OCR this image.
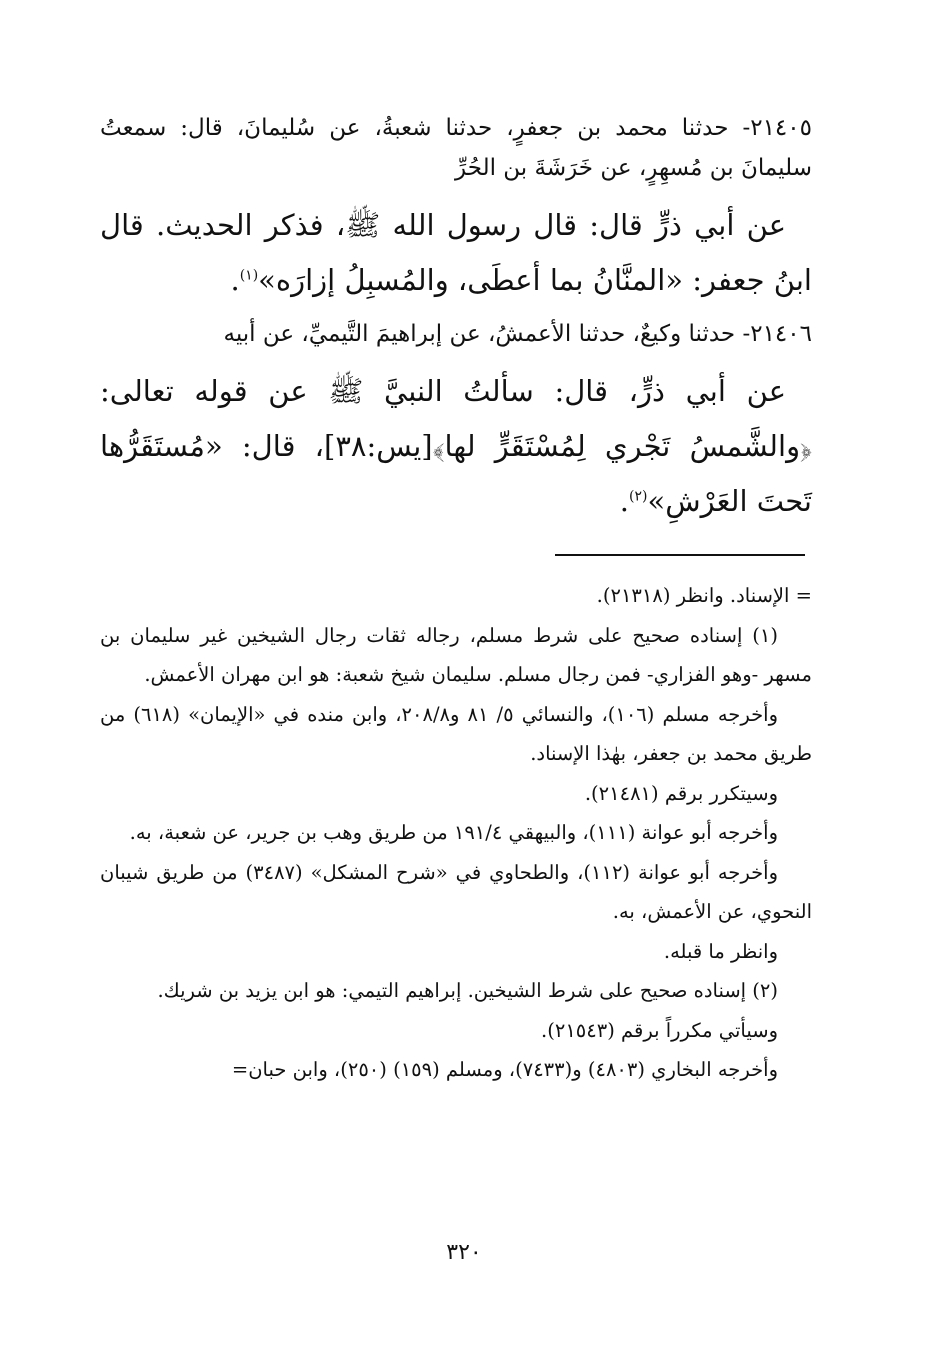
٢١٤٠٥- حدثنا محمد بن جعفرٍ، حدثنا شعبةُ، عن سُليمانَ، قال: سمعتُ سليمانَ بن مُسهِرٍ، عن خَرَشَةَ بن الحُرِّ

عن أبي ذرٍّ قال: قال رسول الله ﷺ، فذكر الحديث. قال ابنُ جعفر: «المنَّانُ بما أعطَى، والمُسبِلُ إزارَه»$^{(١)}$.

٢١٤٠٦- حدثنا وكيعٌ، حدثنا الأعمشُ، عن إبراهيمَ التَّيميِّ، عن أبيه

عن أبي ذرٍّ، قال: سألتُ النبيَّ ﷺ عن قوله تعالى: ﴿والشَّمسُ تَجْري لِمُسْتَقَرٍّ لها﴾[يس:٣٨]، قال: «مُستَقَرُّها تَحتَ العَرْشِ»$^{(٢)}$.

= الإسناد. وانظر (٢١٣١٨).

(١) إسناده صحيح على شرط مسلم، رجاله ثقات رجال الشيخين غير سليمان بن مسهر -وهو الفزاري- فمن رجال مسلم. سليمان شيخ شعبة: هو ابن مهران الأعمش.

وأخرجه مسلم (١٠٦)، والنسائي ٥/ ٨١ و٢٠٨/٨، وابن منده في «الإيمان» (٦١٨) من طريق محمد بن جعفر، بهٰذا الإسناد.

وسيتكرر برقم (٢١٤٨١).

وأخرجه أبو عوانة (١١١)، والبيهقي ١٩١/٤ من طريق وهب بن جرير، عن شعبة، به.

وأخرجه أبو عوانة (١١٢)، والطحاوي في «شرح المشكل» (٣٤٨٧) من طريق شيبان النحوي، عن الأعمش، به.

وانظر ما قبله.

(٢) إسناده صحيح على شرط الشيخين. إبراهيم التيمي: هو ابن يزيد بن شريك.

وسيأتي مكرراً برقم (٢١٥٤٣).

وأخرجه البخاري (٤٨٠٣) و(٧٤٣٣)، ومسلم (١٥٩) (٢٥٠)، وابن حبان=

٣٢٠
